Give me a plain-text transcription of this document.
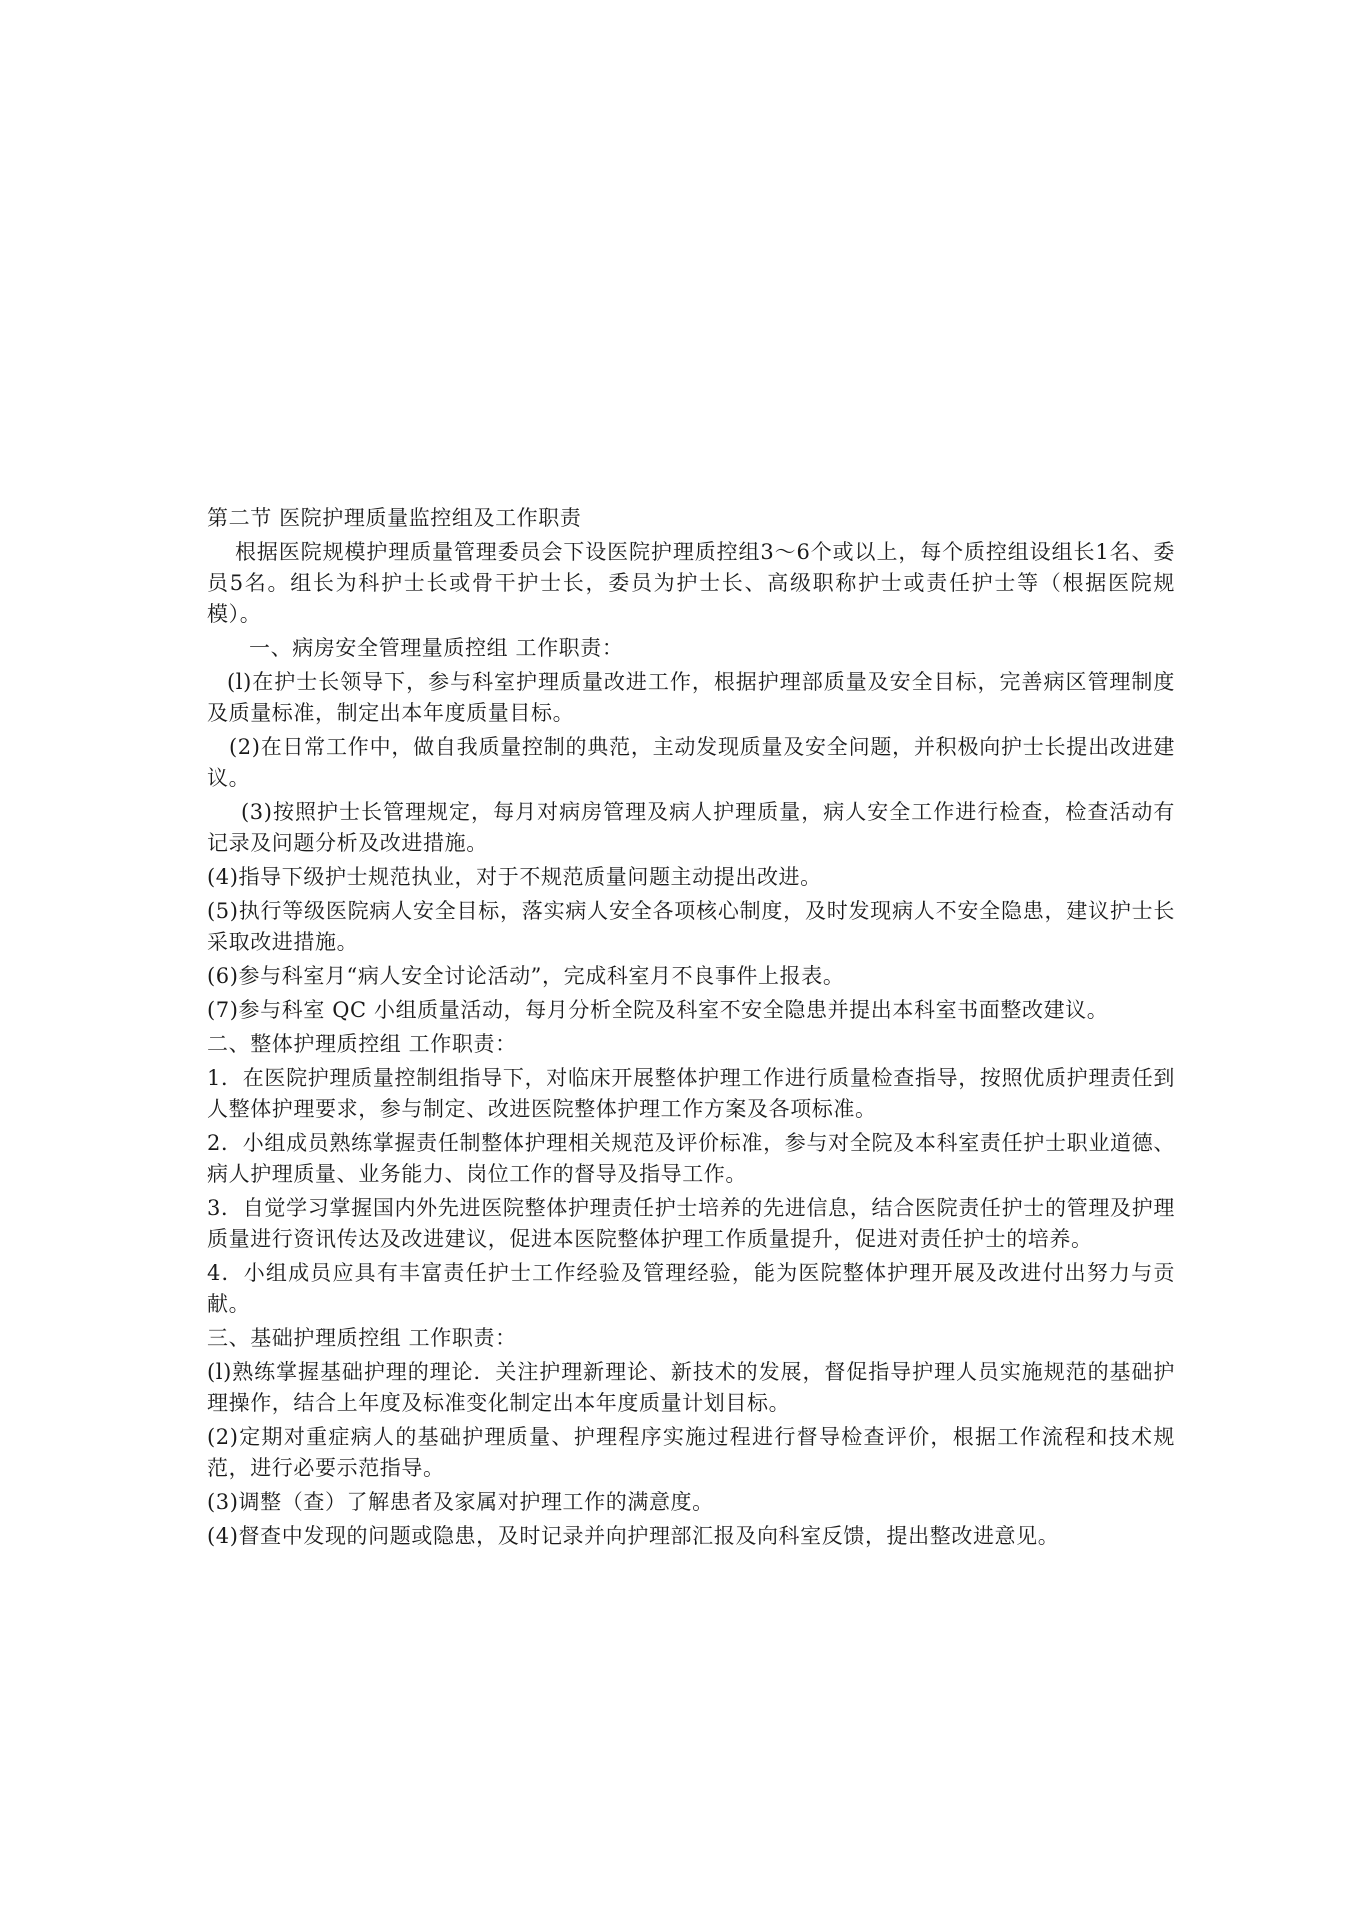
第二节 医院护理质量监控组及工作职责

根据医院规模护理质量管理委员会下设医院护理质控组3～6个或以上，每个质控组设组长1名、委员5名。组长为科护士长或骨干护士长，委员为护士长、高级职称护士或责任护士等（根据医院规模）。

一、病房安全管理量质控组 工作职责：

(l)在护士长领导下，参与科室护理质量改进工作，根据护理部质量及安全目标，完善病区管理制度及质量标准，制定出本年度质量目标。

(2)在日常工作中，做自我质量控制的典范，主动发现质量及安全问题，并积极向护士长提出改进建议。

(3)按照护士长管理规定，每月对病房管理及病人护理质量，病人安全工作进行检查，检查活动有记录及问题分析及改进措施。

(4)指导下级护士规范执业，对于不规范质量问题主动提出改进。

(5)执行等级医院病人安全目标，落实病人安全各项核心制度，及时发现病人不安全隐患，建议护士长采取改进措施。

(6)参与科室月“病人安全讨论活动”，完成科室月不良事件上报表。

(7)参与科室 QC 小组质量活动，每月分析全院及科室不安全隐患并提出本科室书面整改建议。

二、整体护理质控组 工作职责：

1．在医院护理质量控制组指导下，对临床开展整体护理工作进行质量检查指导，按照优质护理责任到人整体护理要求，参与制定、改进医院整体护理工作方案及各项标准。

2．小组成员熟练掌握责任制整体护理相关规范及评价标准，参与对全院及本科室责任护士职业道德、病人护理质量、业务能力、岗位工作的督导及指导工作。

3．自觉学习掌握国内外先进医院整体护理责任护士培养的先进信息，结合医院责任护士的管理及护理质量进行资讯传达及改进建议，促进本医院整体护理工作质量提升，促进对责任护士的培养。

4．小组成员应具有丰富责任护士工作经验及管理经验，能为医院整体护理开展及改进付出努力与贡献。

三、基础护理质控组 工作职责：

(l)熟练掌握基础护理的理论．关注护理新理论、新技术的发展，督促指导护理人员实施规范的基础护理操作，结合上年度及标准变化制定出本年度质量计划目标。

(2)定期对重症病人的基础护理质量、护理程序实施过程进行督导检查评价，根据工作流程和技术规范，进行必要示范指导。

(3)调整（查）了解患者及家属对护理工作的满意度。

(4)督查中发现的问题或隐患，及时记录并向护理部汇报及向科室反馈，提出整改进意见。
